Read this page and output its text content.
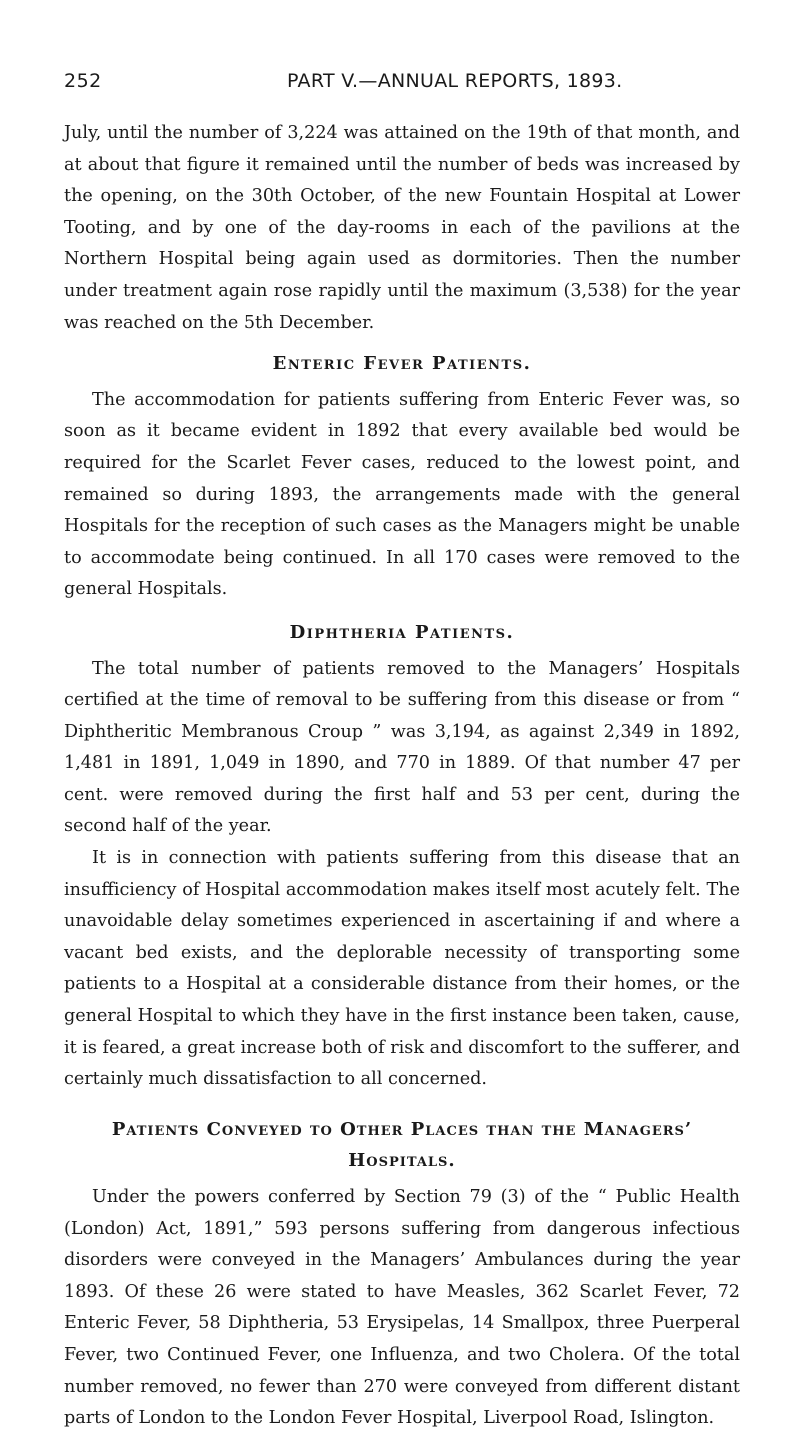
252	PART V.—ANNUAL REPORTS, 1893.

July, until the number of 3,224 was attained on the 19th of that month, and at about that figure it remained until the number of beds was increased by the opening, on the 30th October, of the new Fountain Hospital at Lower Tooting, and by one of the day-rooms in each of the pavilions at the Northern Hospital being again used as dormitories. Then the number under treatment again rose rapidly until the maximum (3,538) for the year was reached on the 5th December.

Enteric Fever Patients.

The accommodation for patients suffering from Enteric Fever was, so soon as it became evident in 1892 that every available bed would be required for the Scarlet Fever cases, reduced to the lowest point, and remained so during 1893, the arrangements made with the general Hospitals for the reception of such cases as the Managers might be unable to accommodate being continued. In all 170 cases were removed to the general Hospitals.

Diphtheria Patients.

The total number of patients removed to the Managers’ Hospitals certified at the time of removal to be suffering from this disease or from “ Diphtheritic Membranous Croup ” was 3,194, as against 2,349 in 1892, 1,481 in 1891, 1,049 in 1890, and 770 in 1889. Of that number 47 per cent. were removed during the first half and 53 per cent, during the second half of the year.

It is in connection with patients suffering from this disease that an insufficiency of Hospital accommodation makes itself most acutely felt. The unavoidable delay sometimes experienced in ascertaining if and where a vacant bed exists, and the deplorable necessity of transporting some patients to a Hospital at a considerable distance from their homes, or the general Hospital to which they have in the first instance been taken, cause, it is feared, a great increase both of risk and discomfort to the sufferer, and certainly much dissatisfaction to all concerned.

Patients Conveyed to Other Places than the Managers’ Hospitals.

Under the powers conferred by Section 79 (3) of the “ Public Health (London) Act, 1891,” 593 persons suffering from dangerous infectious disorders were conveyed in the Managers’ Ambulances during the year 1893. Of these 26 were stated to have Measles, 362 Scarlet Fever, 72 Enteric Fever, 58 Diphtheria, 53 Erysipelas, 14 Smallpox, three Puerperal Fever, two Continued Fever, one Influenza, and two Cholera. Of the total number removed, no fewer than 270 were conveyed from different distant parts of London to the London Fever Hospital, Liverpool Road, Islington.
